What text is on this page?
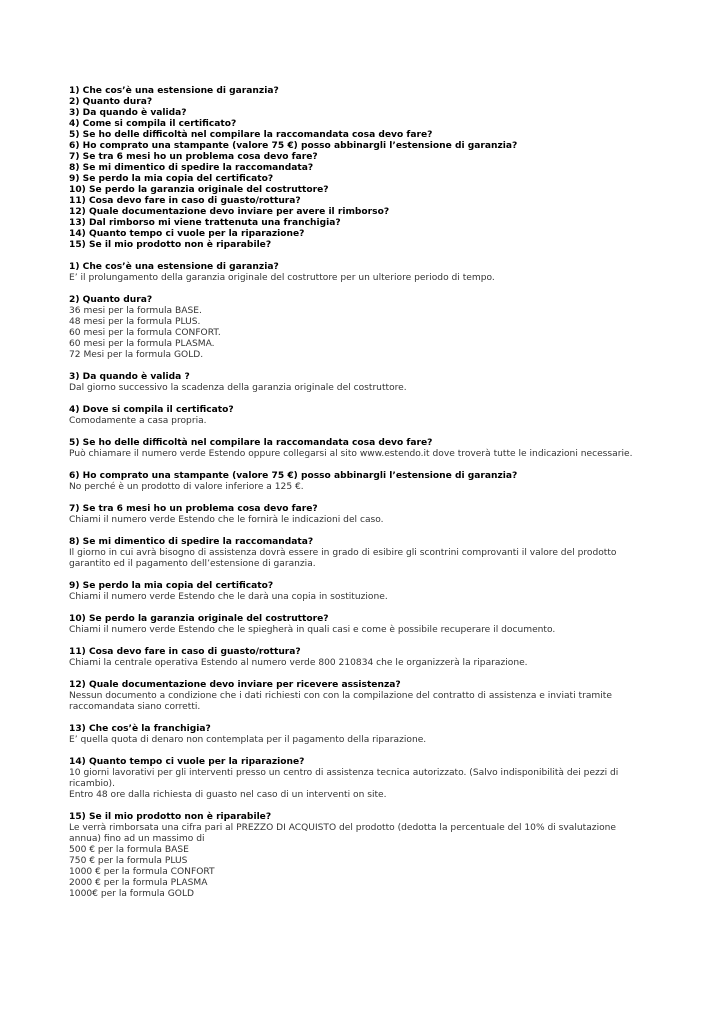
1) Che cos’è una estensione di garanzia?
2) Quanto dura?
3) Da quando è valida?
4) Come si compila il certificato?
5) Se ho delle difficoltà nel compilare la raccomandata cosa devo fare?
6) Ho comprato una stampante (valore 75 €) posso abbinargli l’estensione di garanzia?
7) Se tra 6 mesi ho un problema cosa devo fare?
8) Se mi dimentico di spedire la raccomandata?
9) Se perdo la mia copia del certificato?
10) Se perdo la garanzia originale del costruttore?
11) Cosa devo fare in caso di guasto/rottura?
12) Quale documentazione devo inviare per avere il rimborso?
13) Dal rimborso mi viene trattenuta una franchigia?
14) Quanto tempo ci vuole per la riparazione?
15) Se il mio prodotto non è riparabile?
1) Che cos’è una estensione di garanzia?
E’ il prolungamento della garanzia originale del costruttore per un ulteriore periodo di tempo.
2) Quanto dura?
36 mesi per la formula BASE.
48 mesi per la formula PLUS.
60 mesi per la formula CONFORT.
60 mesi per la formula PLASMA.
72 Mesi per la formula GOLD.
3) Da quando è valida ?
Dal giorno successivo la scadenza della garanzia originale del costruttore.
4) Dove si compila il certificato?
Comodamente a casa propria.
5) Se ho delle difficoltà nel compilare la raccomandata cosa devo fare?
Può chiamare il numero verde Estendo oppure collegarsi al sito www.estendo.it dove troverà tutte le indicazioni necessarie.
6) Ho comprato una stampante (valore 75 €) posso abbinargli l’estensione di garanzia?
No perché è un prodotto di valore inferiore a 125 €.
7) Se tra 6 mesi ho un problema cosa devo fare?
Chiami il numero verde Estendo che le fornirà le indicazioni del caso.
8) Se mi dimentico di spedire la raccomandata?
Il giorno in cui avrà bisogno di assistenza dovrà essere in grado di esibire gli scontrini comprovanti il valore del prodotto
garantito ed il pagamento dell’estensione di garanzia.
9) Se perdo la mia copia del certificato?
Chiami il numero verde Estendo che le darà una copia in sostituzione.
10) Se perdo la garanzia originale del costruttore?
Chiami il numero verde Estendo che le spiegherà in quali casi e come è possibile recuperare il documento.
11) Cosa devo fare in caso di guasto/rottura?
Chiami la centrale operativa Estendo al numero verde 800 210834 che le organizzerà la riparazione.
12) Quale documentazione devo inviare per ricevere assistenza?
Nessun documento a condizione che i dati richiesti con con la compilazione del contratto di assistenza e inviati tramite
raccomandata siano corretti.
13) Che cos’è la franchigia?
E’ quella quota di denaro non contemplata per il pagamento della riparazione.
14) Quanto tempo ci vuole per la riparazione?
10 giorni lavorativi per gli interventi presso un centro di assistenza tecnica autorizzato. (Salvo indisponibilità dei pezzi di
ricambio).
Entro 48 ore dalla richiesta di guasto nel caso di un interventi on site.
15) Se il mio prodotto non è riparabile?
Le verrà rimborsata una cifra pari al PREZZO DI ACQUISTO del prodotto (dedotta la percentuale del 10% di svalutazione
annua) fino ad un massimo di
500 € per la formula BASE
750 € per la formula PLUS
1000 € per la formula CONFORT
2000 € per la formula PLASMA
1000€ per la formula GOLD
